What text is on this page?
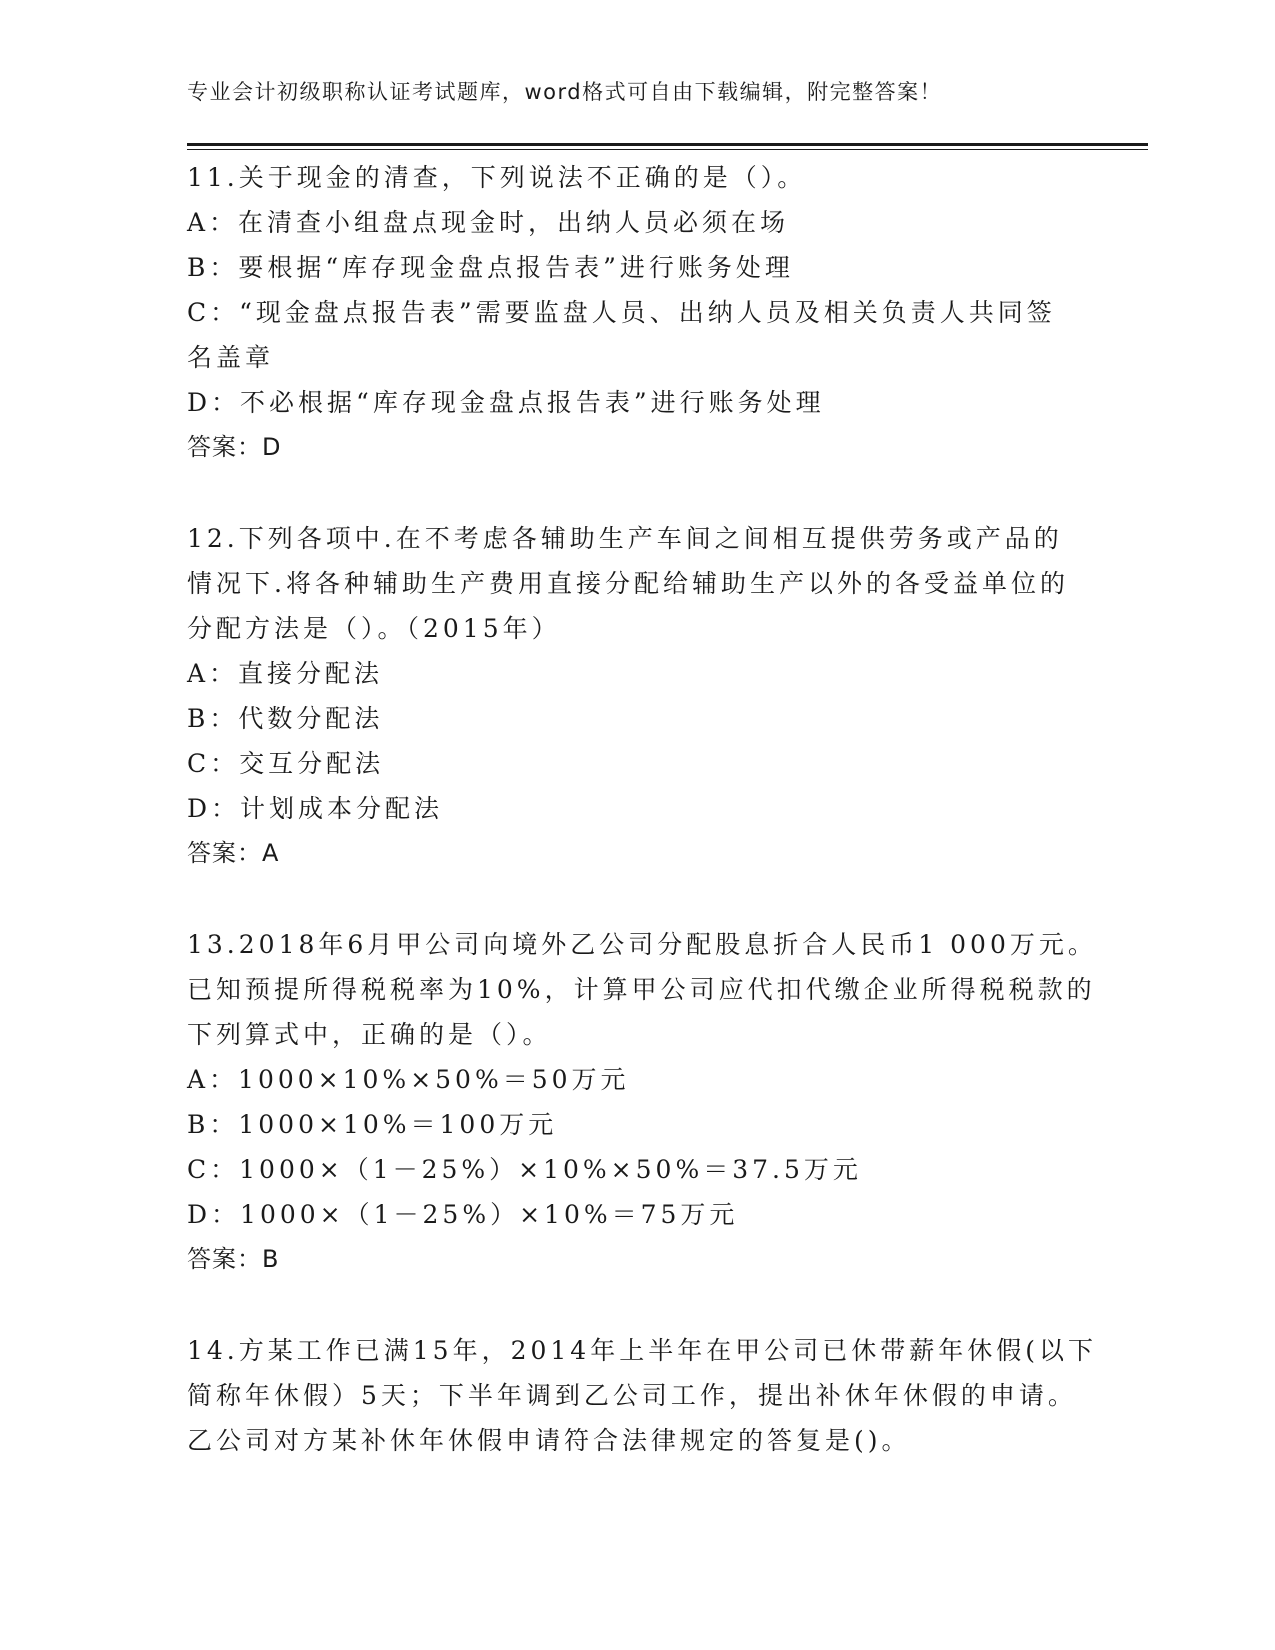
专业会计初级职称认证考试题库，word格式可自由下载编辑，附完整答案！
11.关于现金的清查，下列说法不正确的是（）。
A：在清查小组盘点现金时，出纳人员必须在场
B：要根据“库存现金盘点报告表”进行账务处理
C：“现金盘点报告表”需要监盘人员、出纳人员及相关负责人共同签
名盖章
D：不必根据“库存现金盘点报告表”进行账务处理
答案：D
12.下列各项中.在不考虑各辅助生产车间之间相互提供劳务或产品的
情况下.将各种辅助生产费用直接分配给辅助生产以外的各受益单位的
分配方法是（）。（2015年）
A：直接分配法
B：代数分配法
C：交互分配法
D：计划成本分配法
答案：A
13.2018年6月甲公司向境外乙公司分配股息折合人民币1 000万元。
已知预提所得税税率为10%，计算甲公司应代扣代缴企业所得税税款的
下列算式中，正确的是（）。
A：1000×10%×50%＝50万元
B：1000×10%＝100万元
C：1000×（1－25%）×10%×50%＝37.5万元
D：1000×（1－25%）×10%＝75万元
答案：B
14.方某工作已满15年，2014年上半年在甲公司已休带薪年休假(以下
简称年休假）5天；下半年调到乙公司工作，提出补休年休假的申请。
乙公司对方某补休年休假申请符合法律规定的答复是()。
